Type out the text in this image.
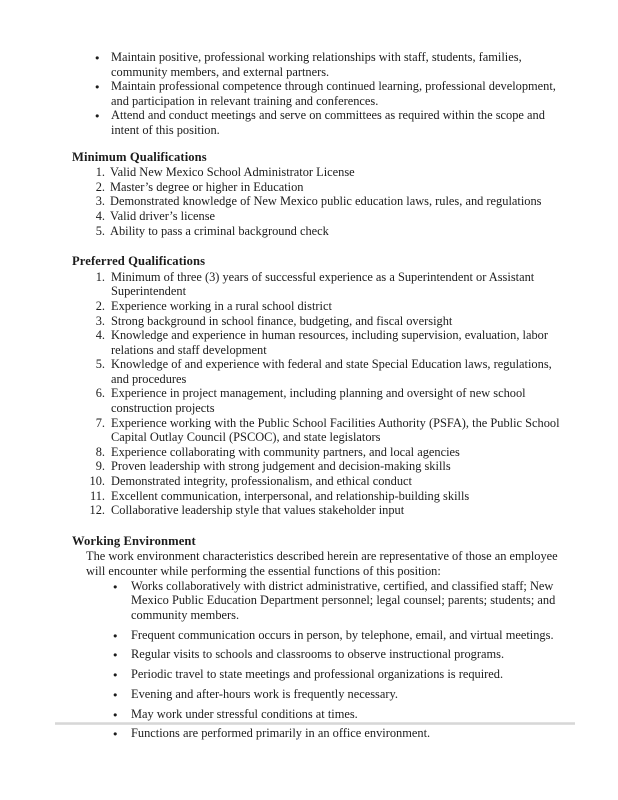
● Maintain positive, professional working relationships with staff, students, families, community members, and external partners.
● Maintain professional competence through continued learning, professional development, and participation in relevant training and conferences.
● Attend and conduct meetings and serve on committees as required within the scope and intent of this position.
Minimum Qualifications
Valid New Mexico School Administrator License
Master’s degree or higher in Education
Demonstrated knowledge of New Mexico public education laws, rules, and regulations
Valid driver’s license
Ability to pass a criminal background check
Preferred Qualifications
Minimum of three (3) years of successful experience as a Superintendent or Assistant Superintendent
Experience working in a rural school district
Strong background in school finance, budgeting, and fiscal oversight
Knowledge and experience in human resources, including supervision, evaluation, labor relations and staff development
Knowledge of and experience with federal and state Special Education laws, regulations, and procedures
Experience in project management, including planning and oversight of new school construction projects
Experience working with the Public School Facilities Authority (PSFA), the Public School Capital Outlay Council (PSCOC), and state legislators
Experience collaborating with community partners, and local agencies
Proven leadership with strong judgement and decision-making skills
Demonstrated integrity, professionalism, and ethical conduct
Excellent communication, interpersonal, and relationship-building skills
Collaborative leadership style that values stakeholder input
Working Environment

The work environment characteristics described herein are representative of those an employee will encounter while performing the essential functions of this position:

● Works collaboratively with district administrative, certified, and classified staff; New Mexico Public Education Department personnel; legal counsel; parents; students; and community members.
● Frequent communication occurs in person, by telephone, email, and virtual meetings.
● Regular visits to schools and classrooms to observe instructional programs.
● Periodic travel to state meetings and professional organizations is required.
● Evening and after-hours work is frequently necessary.
● May work under stressful conditions at times.
● Functions are performed primarily in an office environment.
